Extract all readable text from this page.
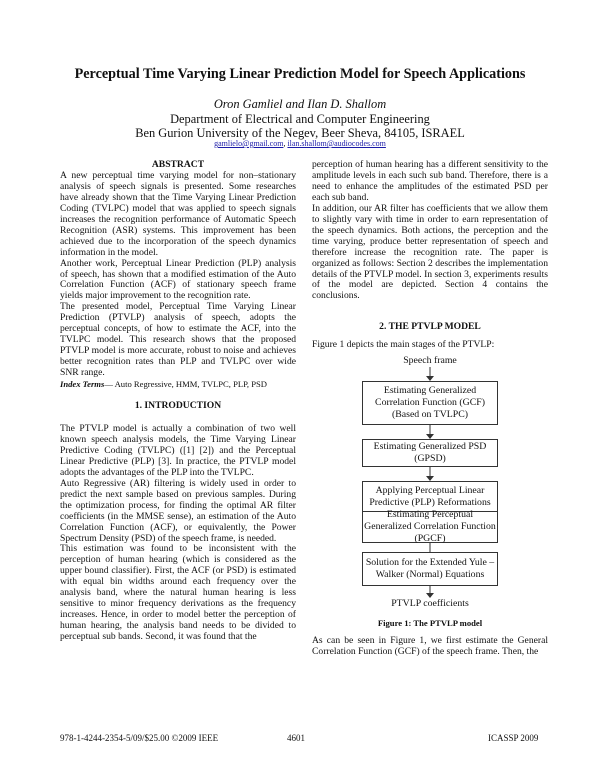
Perceptual Time Varying Linear Prediction Model for Speech Applications
Oron Gamliel and Ilan D. Shallom
Department of Electrical and Computer Engineering
Ben Gurion University of the Negev, Beer Sheva, 84105, ISRAEL
gamlielo@gmail.com, ilan.shallom@audiocodes.com
ABSTRACT

A new perceptual time varying model for non–stationary analysis of speech signals is presented. Some researches have already shown that the Time Varying Linear Prediction Coding (TVLPC) model that was applied to speech signals increases the recognition performance of Automatic Speech Recognition (ASR) systems. This improvement has been achieved due to the incorporation of the speech dynamics information in the model.

Another work, Perceptual Linear Prediction (PLP) analysis of speech, has shown that a modified estimation of the Auto Correlation Function (ACF) of stationary speech frame yields major improvement to the recognition rate.

The presented model, Perceptual Time Varying Linear Prediction (PTVLP) analysis of speech, adopts the perceptual concepts, of how to estimate the ACF, into the TVLPC model. This research shows that the proposed PTVLP model is more accurate, robust to noise and achieves better recognition rates than PLP and TVLPC over wide SNR range.

Index Terms— Auto Regressive, HMM, TVLPC, PLP, PSD

1. INTRODUCTION

The PTVLP model is actually a combination of two well known speech analysis models, the Time Varying Linear Predictive Coding (TVLPC) ([1] [2]) and the Perceptual Linear Predictive (PLP) [3]. In practice, the PTVLP model adopts the advantages of the PLP into the TVLPC.

Auto Regressive (AR) filtering is widely used in order to predict the next sample based on previous samples. During the optimization process, for finding the optimal AR filter coefficients (in the MMSE sense), an estimation of the Auto Correlation Function (ACF), or equivalently, the Power Spectrum Density (PSD) of the speech frame, is needed.

This estimation was found to be inconsistent with the perception of human hearing (which is considered as the upper bound classifier). First, the ACF (or PSD) is estimated with equal bin widths around each frequency over the analysis band, where the natural human hearing is less sensitive to minor frequency derivations as the frequency increases. Hence, in order to model better the perception of human hearing, the analysis band needs to be divided to perceptual sub bands. Second, it was found that the

perception of human hearing has a different sensitivity to the amplitude levels in each such sub band. Therefore, there is a need to enhance the amplitudes of the estimated PSD per each sub band.

In addition, our AR filter has coefficients that we allow them to slightly vary with time in order to earn representation of the speech dynamics. Both actions, the perception and the time varying, produce better representation of speech and therefore increase the recognition rate. The paper is organized as follows: Section 2 describes the implementation details of the PTVLP model. In section 3, experiments results of the model are depicted. Section 4 contains the conclusions.

2. THE PTVLP MODEL
Figure 1 depicts the main stages of the PTVLP:
Speech frame
Estimating Generalized Correlation Function (GCF) (Based on TVLPC)
Estimating Generalized PSD (GPSD)
Applying Perceptual Linear Predictive (PLP) Reformations
Estimating Perceptual Generalized Correlation Function (PGCF)
Solution for the Extended Yule – Walker (Normal) Equations
PTVLP coefficients
Figure 1: The PTVLP model
As can be seen in Figure 1, we first estimate the General Correlation Function (GCF) of the speech frame. Then, the
978-1-4244-2354-5/09/$25.00 ©2009 IEEE	4601	ICASSP 2009
